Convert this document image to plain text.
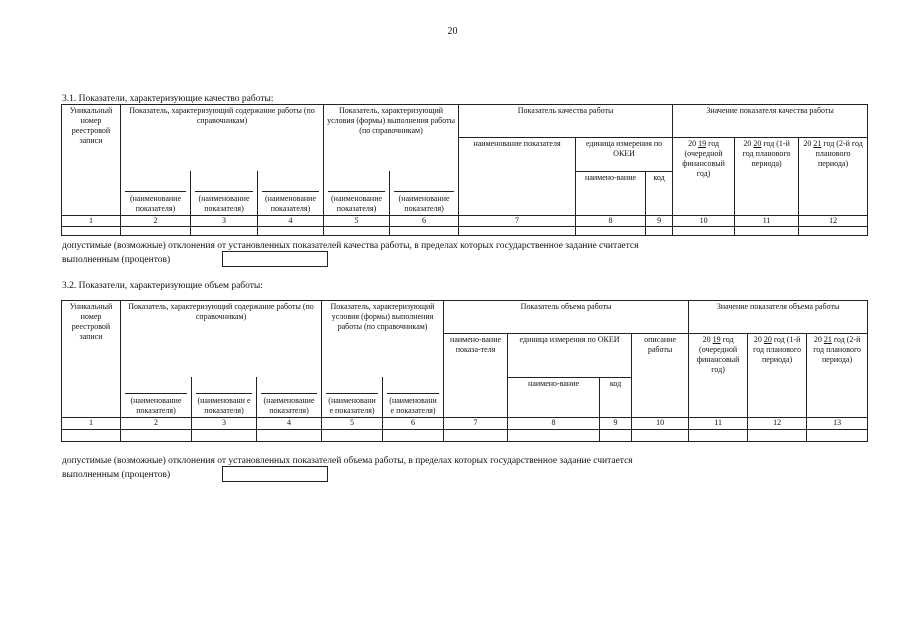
20
3.1. Показатели, характеризующие качество работы:
Уникальный номер реестровой записи	Показатель, характеризующий содержание работы (по справочникам)			Показатель, характеризующий условия (формы) выполнения работы (по справочникам)		Показатель качества работы			Значение показателя качества работы		
						наименование показателя	единица измерения по ОКЕИ		20 19 год (очередной финансовый год)	20 20 год (1-й год планового периода)	20 21 год (2-й год планового периода)

	(наименование показателя)	(наименование показателя)	(наименование показателя)	(наименование показателя)	(наименование показателя)		наимено-вание	код			
1	2	3	4	5	6	7	8	9	10	11	12

допустимые (возможные) отклонения от установленных показателей качества работы, в пределах которых государственное задание считается
выполненным (процентов)
3.2. Показатели, характеризующие объем работы:
Уникальный номер реестровой записи	Показатель, характеризующий содержание работы (по справочникам)			Показатель, характеризующий условия (формы) выполнения работы (по справочникам)		Показатель объема работы				Значение показателя объема работы		
						наимено-вание показа-теля	единица измерения по ОКЕИ		описание работы	20 19 год (очередной финансовый год)	20 20 год (1-й год планового периода)	20 21 год (2-й год планового периода)

	(наименование показателя)	(наименовани е показателя)	(наименование показателя)	(наименовани е показателя)	(наименовани е показателя)		наимено-вание	код				
1	2	3	4	5	6	7	8	9	10	11	12	13

допустимые (возможные) отклонения от установленных показателей объема работы, в пределах которых государственное задание считается
выполненным (процентов)
